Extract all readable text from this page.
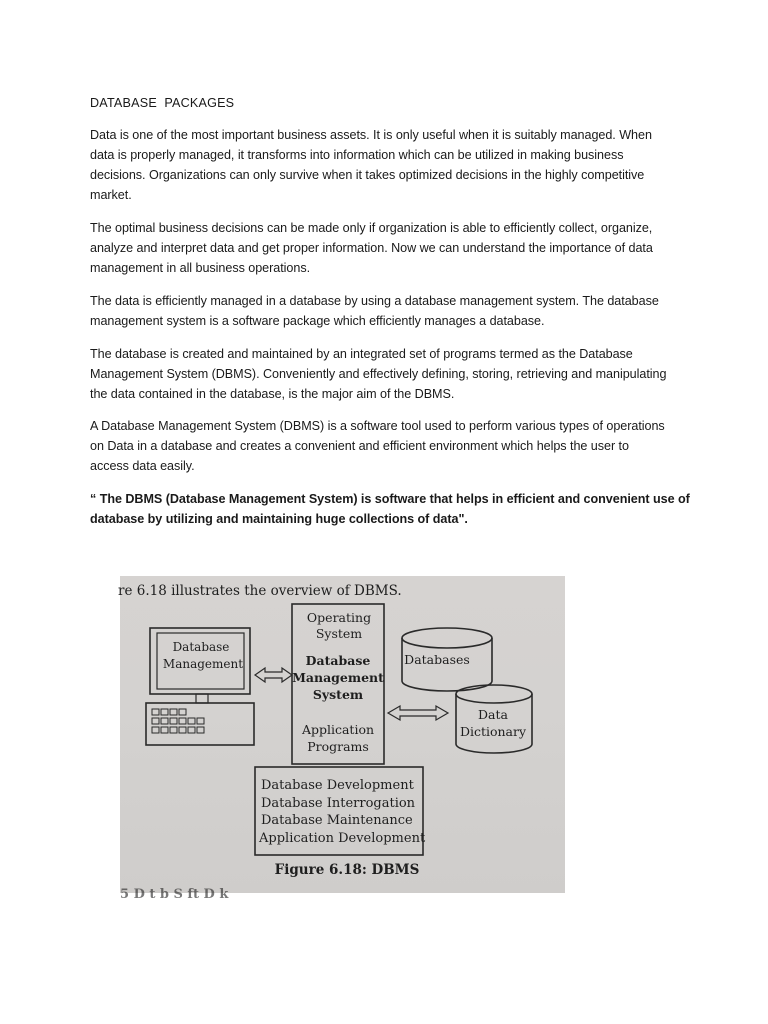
DATABASE  PACKAGES

Data is one of the most important business assets. It is only useful when it is suitably managed. When
data is properly managed, it transforms into information which can be utilized in making business
decisions. Organizations can only survive when it takes optimized decisions in the highly competitive
market.

The optimal business decisions can be made only if organization is able to efficiently collect, organize,
analyze and interpret data and get proper information. Now we can understand the importance of data
management in all business operations.

The data is efficiently managed in a database by using a database management system. The database
management system is a software package which efficiently manages a database.

The database is created and maintained by an integrated set of programs termed as the Database
Management System (DBMS). Conveniently and effectively defining, storing, retrieving and manipulating
the data contained in the database, is the major aim of the DBMS.

A Database Management System (DBMS) is a software tool used to perform various types of operations
on Data in a database and creates a convenient and efficient environment which helps the user to
access data easily.

“ The DBMS (Database Management System) is software that helps in efficient and convenient use of
database by utilizing and maintaining huge collections of data".

re 6.18 illustrates the overview of DBMS.
Database
Management
Operating
System
Database
Management
System
Application
Programs
Databases
Data
Dictionary
Database Development
Database Interrogation
Database Maintenance
Application Development
Figure 6.18: DBMS
5 D t b S ft D k
